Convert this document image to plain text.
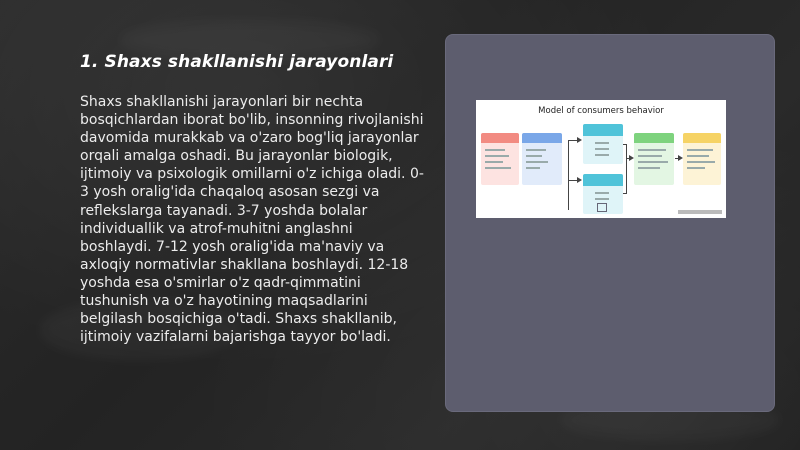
1. Shaxs shakllanishi jarayonlari

Shaxs shakllanishi jarayonlari bir nechta bosqichlardan iborat bo'lib, insonning rivojlanishi davomida murakkab va o'zaro bog'liq jarayonlar orqali amalga oshadi. Bu jarayonlar biologik, ijtimoiy va psixologik omillarni o'z ichiga oladi. 0-3 yosh oralig'ida chaqaloq asosan sezgi va reflekslarga tayanadi. 3-7 yoshda bolalar individuallik va atrof-muhitni anglashni boshlaydi. 7-12 yosh oralig'ida ma'naviy va axloqiy normativlar shakllana boshlaydi. 12-18 yoshda esa o'smirlar o'z qadr-qimmatini tushunish va o'z hayotining maqsadlarini belgilash bosqichiga o'tadi. Shaxs shakllanib, ijtimoiy vazifalarni bajarishga tayyor bo'ladi.

Model of consumers behavior
